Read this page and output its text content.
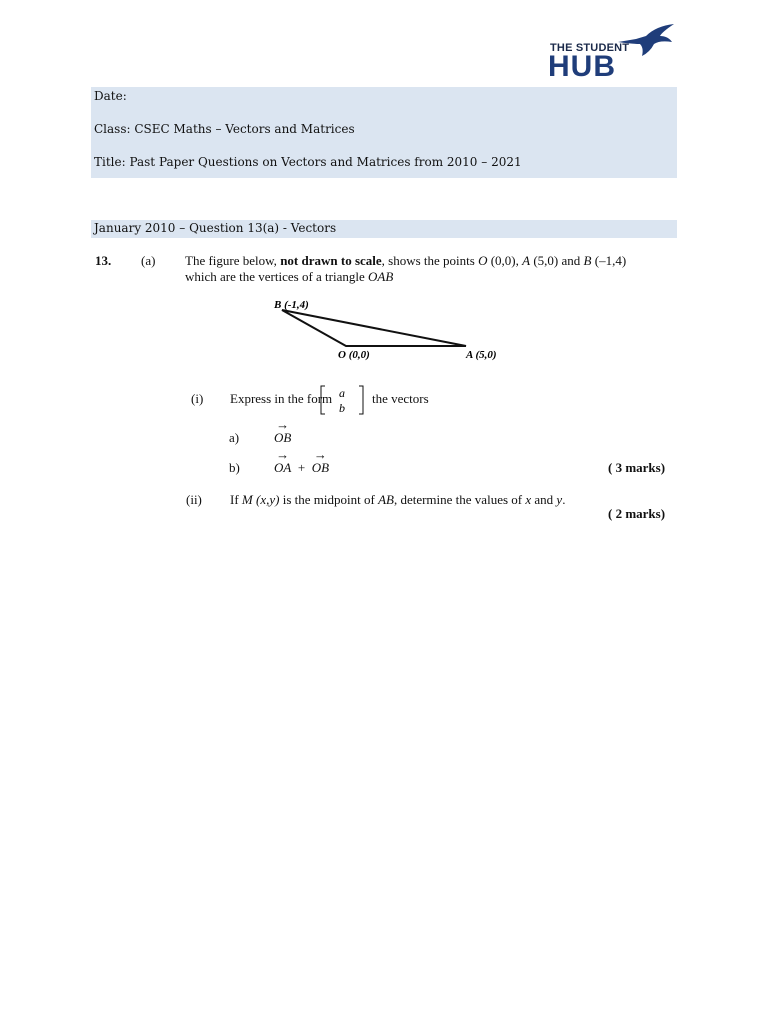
THE STUDENT
HUB
Date:
Class: CSEC Maths – Vectors and Matrices
Title: Past Paper Questions on Vectors and Matrices from 2010 – 2021
January 2010 – Question 13(a) - Vectors
13. (a) The figure below, not drawn to scale, shows the points O (0,0), A (5,0) and B (–1,4)
which are the vertices of a triangle OAB
B (-1,4)
O (0,0)	A (5,0)
(i) Express in the form a
b
the vectors
a)
→
OB
b)
→
OA +
→
OB	( 3 marks)
(ii) If M (x,y) is the midpoint of AB, determine the values of x and y.
( 2 marks)
